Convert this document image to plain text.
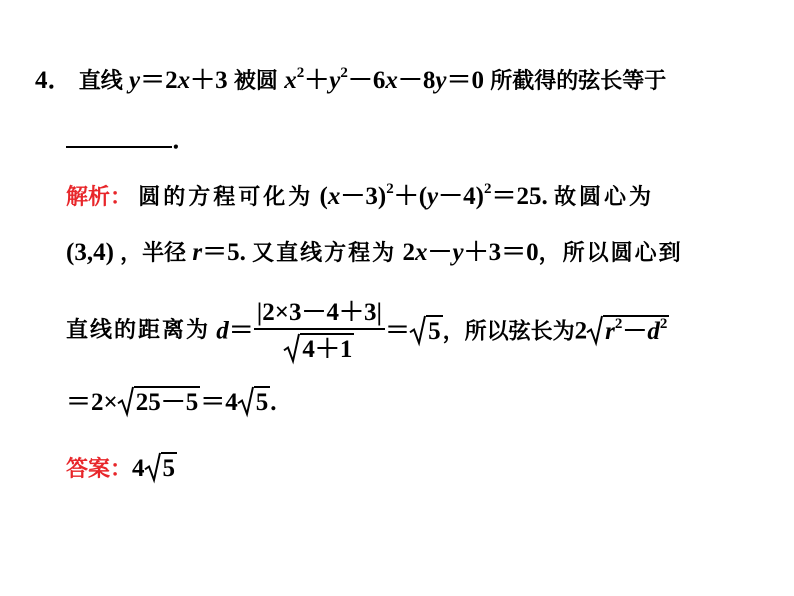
4． 直线 y＝2x＋3 被圆 $x^2+y^2-6x-8y=0$ 所截得的弦长等于
．
解析： 圆的方程可化为 $(x-3)^2+(y-4)^2=25$. 故圆心为
(3,4) ，半径 r＝5. 又直线方程为 2x－y＋3＝0，所以圆心到
直线的距离为 $d= \frac{|2\times 3-4+3|}{4+1} = 5$，所以弦长为2 $r^2-d^2$
＝2× 25－5＝4 5.
答案：4 5
